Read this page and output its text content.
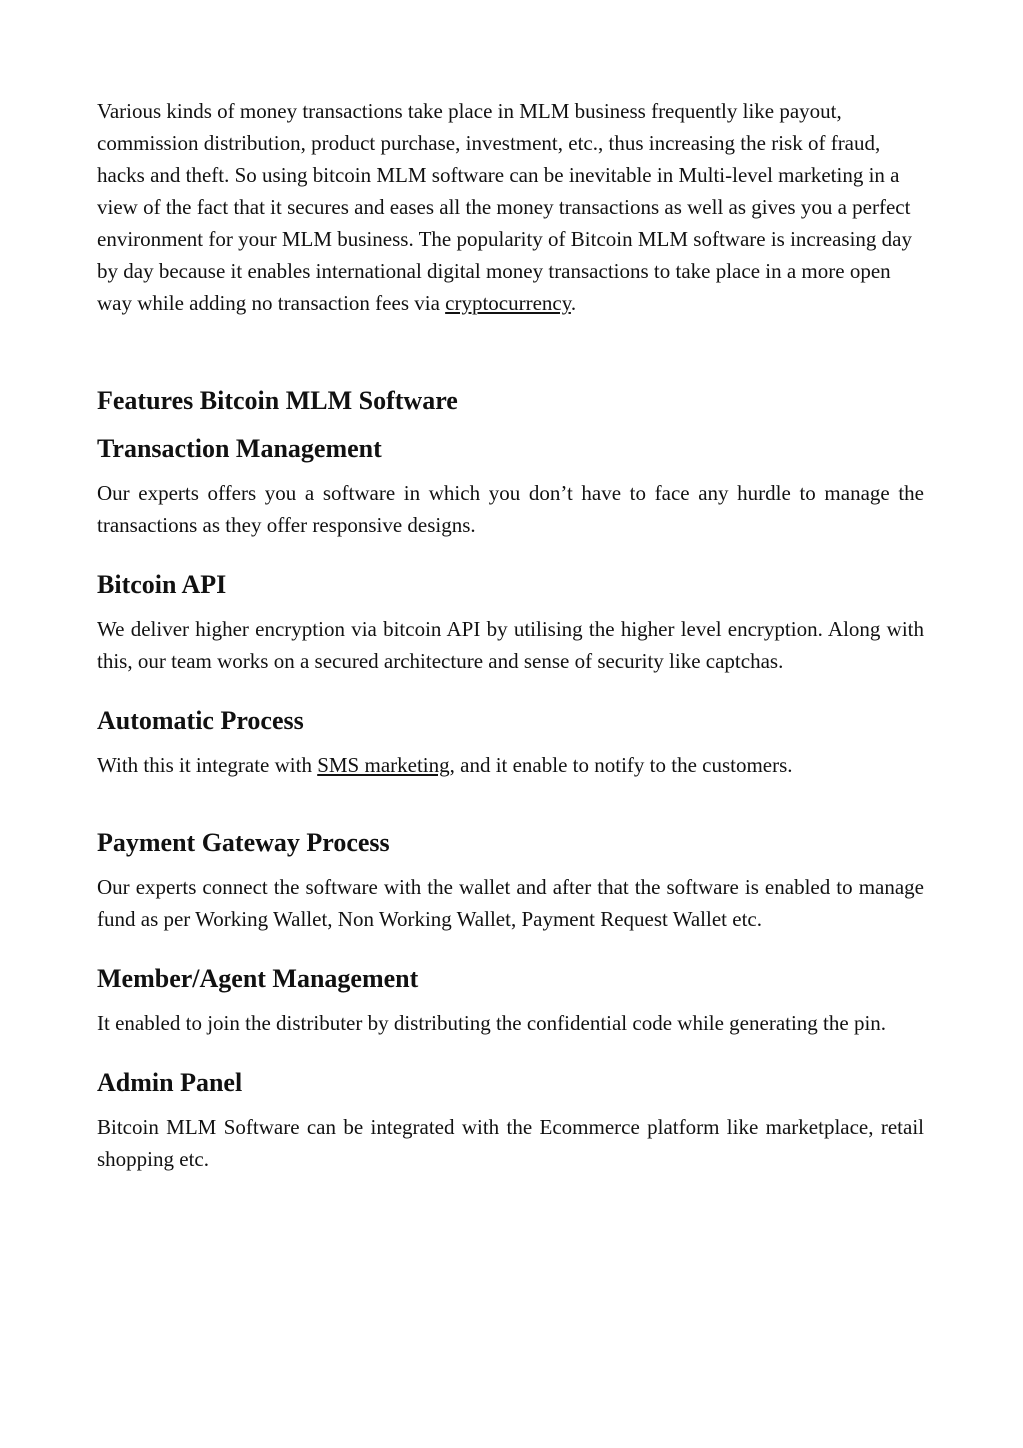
Various kinds of money transactions take place in MLM business frequently like payout, commission distribution, product purchase, investment, etc., thus increasing the risk of fraud, hacks and theft. So using bitcoin MLM software can be inevitable in Multi-level marketing in a view of the fact that it secures and eases all the money transactions as well as gives you a perfect environment for your MLM business. The popularity of Bitcoin MLM software is increasing day by day because it enables international digital money transactions to take place in a more open way while adding no transaction fees via cryptocurrency.

Features Bitcoin MLM Software
Transaction Management

Our experts offers you a software in which you don’t have to face any hurdle to manage the transactions as they offer responsive designs.

Bitcoin API

We deliver higher encryption via bitcoin API by utilising the higher level encryption. Along with this, our team works on a secured architecture and sense of security like captchas.

Automatic Process

With this it integrate with SMS marketing, and it enable to notify to the customers.

Payment Gateway Process

Our experts connect the software with the wallet and after that the software is enabled to manage fund as per Working Wallet, Non Working Wallet, Payment Request Wallet etc.

Member/Agent Management

It enabled to join the distributer by distributing the confidential code while generating the pin.

Admin Panel

Bitcoin MLM Software can be integrated with the Ecommerce platform like marketplace, retail shopping etc.
